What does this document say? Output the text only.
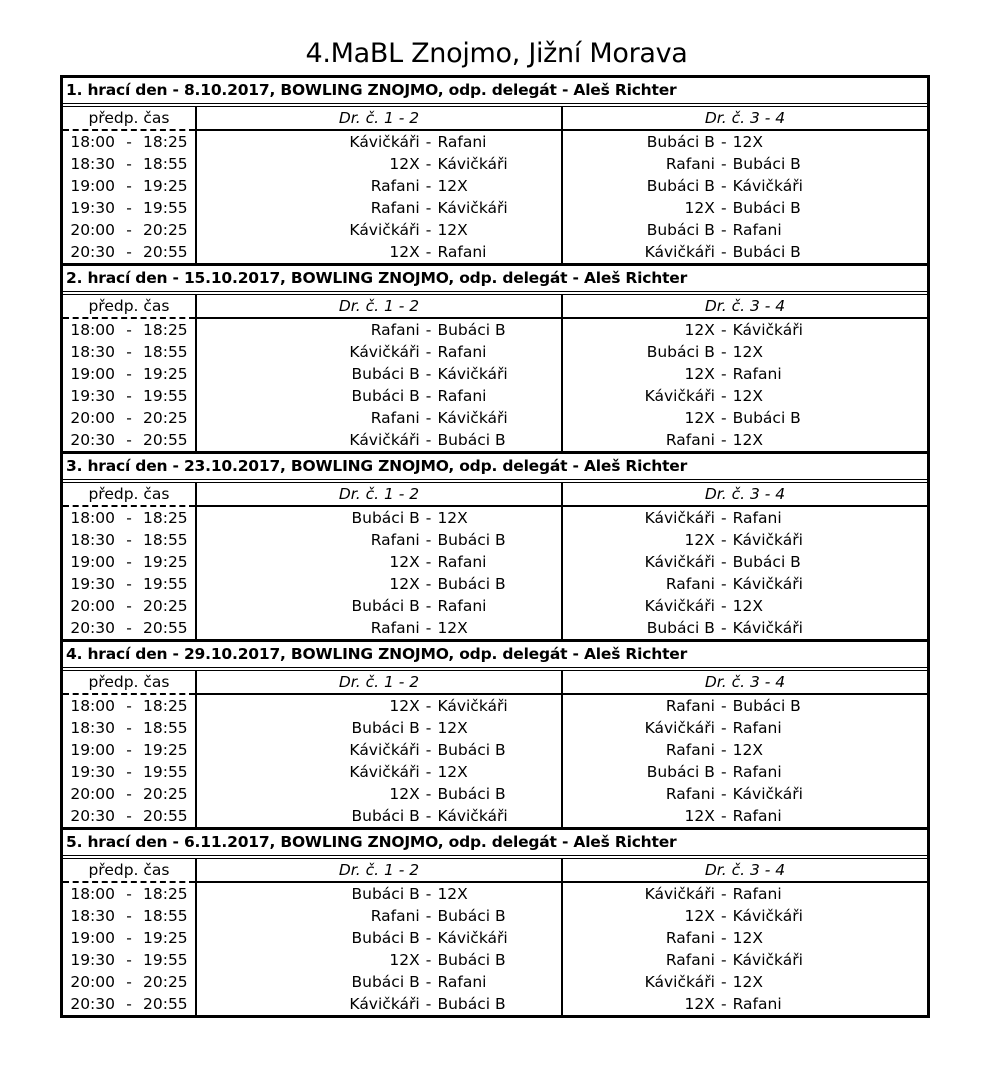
4.MaBL Znojmo, Jižní Morava
1. hrací den - 8.10.2017, BOWLING ZNOJMO, odp. delegát - Aleš Richter
předp. čas	Dr. č. 1 - 2	Dr. č. 3 - 4
18:00 - 18:25	Kávičkáři - Rafani	Bubáci B - 12X

18:30 - 18:55	12X - Kávičkáři	Rafani - Bubáci B

19:00 - 19:25	Rafani - 12X	Bubáci B - Kávičkáři

19:30 - 19:55	Rafani - Kávičkáři	12X - Bubáci B

20:00 - 20:25	Kávičkáři - 12X	Bubáci B - Rafani

20:30 - 20:55	12X - Rafani	Kávičkáři - Bubáci B
2. hrací den - 15.10.2017, BOWLING ZNOJMO, odp. delegát - Aleš Richter
předp. čas	Dr. č. 1 - 2	Dr. č. 3 - 4
18:00 - 18:25	Rafani - Bubáci B	12X - Kávičkáři

18:30 - 18:55	Kávičkáři - Rafani	Bubáci B - 12X

19:00 - 19:25	Bubáci B - Kávičkáři	12X - Rafani

19:30 - 19:55	Bubáci B - Rafani	Kávičkáři - 12X

20:00 - 20:25	Rafani - Kávičkáři	12X - Bubáci B

20:30 - 20:55	Kávičkáři - Bubáci B	Rafani - 12X
3. hrací den - 23.10.2017, BOWLING ZNOJMO, odp. delegát - Aleš Richter
předp. čas	Dr. č. 1 - 2	Dr. č. 3 - 4
18:00 - 18:25	Bubáci B - 12X	Kávičkáři - Rafani

18:30 - 18:55	Rafani - Bubáci B	12X - Kávičkáři

19:00 - 19:25	12X - Rafani	Kávičkáři - Bubáci B

19:30 - 19:55	12X - Bubáci B	Rafani - Kávičkáři

20:00 - 20:25	Bubáci B - Rafani	Kávičkáři - 12X

20:30 - 20:55	Rafani - 12X	Bubáci B - Kávičkáři
4. hrací den - 29.10.2017, BOWLING ZNOJMO, odp. delegát - Aleš Richter
předp. čas	Dr. č. 1 - 2	Dr. č. 3 - 4
18:00 - 18:25	12X - Kávičkáři	Rafani - Bubáci B

18:30 - 18:55	Bubáci B - 12X	Kávičkáři - Rafani

19:00 - 19:25	Kávičkáři - Bubáci B	Rafani - 12X

19:30 - 19:55	Kávičkáři - 12X	Bubáci B - Rafani

20:00 - 20:25	12X - Bubáci B	Rafani - Kávičkáři

20:30 - 20:55	Bubáci B - Kávičkáři	12X - Rafani
5. hrací den - 6.11.2017, BOWLING ZNOJMO, odp. delegát - Aleš Richter
předp. čas	Dr. č. 1 - 2	Dr. č. 3 - 4
18:00 - 18:25	Bubáci B - 12X	Kávičkáři - Rafani

18:30 - 18:55	Rafani - Bubáci B	12X - Kávičkáři

19:00 - 19:25	Bubáci B - Kávičkáři	Rafani - 12X

19:30 - 19:55	12X - Bubáci B	Rafani - Kávičkáři

20:00 - 20:25	Bubáci B - Rafani	Kávičkáři - 12X

20:30 - 20:55	Kávičkáři - Bubáci B	12X - Rafani
